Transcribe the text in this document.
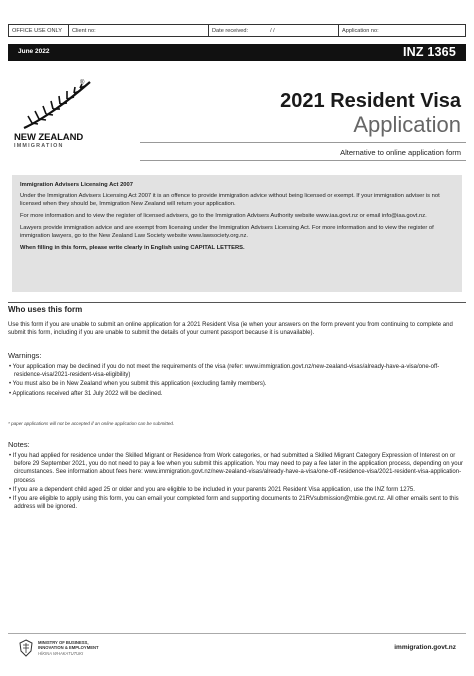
OFFICE USE ONLY	Client no:	Date received:	/ /	Application no:
June 2022	INZ 1365
®
NEW ZEALAND
IMMIGRATION
2021 Resident Visa
Application
Alternative to online application form
Immigration Advisers Licensing Act 2007

Under the Immigration Advisers Licensing Act 2007 it is an offence to provide immigration advice without being licensed or exempt. If your immigration adviser is not licensed when they should be, Immigration New Zealand will return your application.

For more information and to view the register of licensed advisers, go to the Immigration Advisers Authority website www.iaa.govt.nz or email info@iaa.govt.nz.

Lawyers provide immigration advice and are exempt from licensing under the Immigration Advisers Licensing Act. For more information and to view the register of immigration lawyers, go to the New Zealand Law Society website www.lawsociety.org.nz.

When filling in this form, please write clearly in English using CAPITAL LETTERS.

Who uses this form
Use this form if you are unable to submit an online application for a 2021 Resident Visa (ie when your answers on the form prevent you from continuing to complete and submit this form, including if you are unable to submit the details of your current passport because it is unavailable).
Warnings:
• Your application may be declined if you do not meet the requirements of the visa (refer: www.immigration.govt.nz/new-zealand-visas/already-have-a-visa/one-off-residence-visa/2021-resident-visa-eligibility)
• You must also be in New Zealand when you submit this application (excluding family members).
• Applications received after 31 July 2022 will be declined.
* paper applications will not be accepted if an online application can be submitted.
Notes:
• If you had applied for residence under the Skilled Migrant or Residence from Work categories, or had submitted a Skilled Migrant Category Expression of Interest on or before 29 September 2021, you do not need to pay a fee when you submit this application. You may need to pay a fee later in the application process, depending on your circumstances. See information about fees here: www.immigration.govt.nz/new-zealand-visas/already-have-a-visa/one-off-residence-visa/2021-resident-visa-application-process
• If you are a dependent child aged 25 or older and you are eligible to be included in your parents 2021 Resident Visa application, use the INZ form 1275.
• If you are eligible to apply using this form, you can email your completed form and supporting documents to 21RVsubmission@mbie.govt.nz. All other emails sent to this address will be ignored.
MINISTRY OF BUSINESS,
INNOVATION & EMPLOYMENT
HĪKINA WHAKATUTUKI
immigration.govt.nz
